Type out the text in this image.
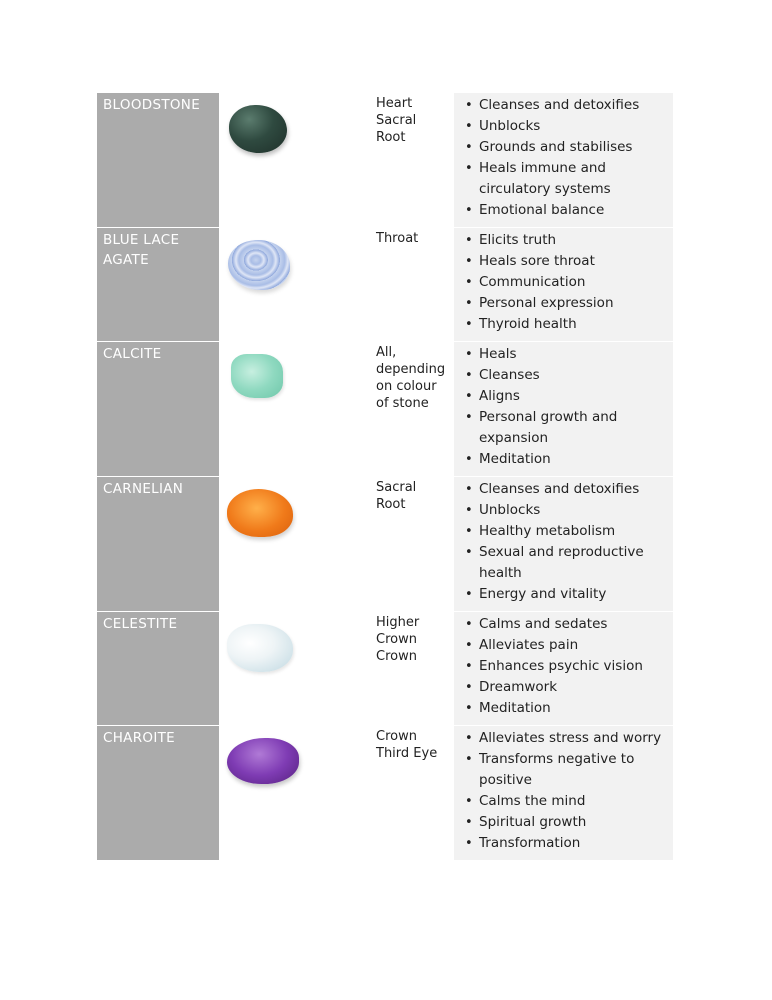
BLOODSTONE	Heart
Sacral
Root
• Cleanses and detoxifies
• Unblocks
• Grounds and stabilises
• Heals immune and circulatory systems
• Emotional balance
BLUE LACE AGATE
Throat
•	Elicits truth
• Heals sore throat
• Communication
• Personal expression
• Thyroid health
CALCITE	All,
depending
on colour
of stone
• Heals
• Cleanses
• Aligns
• Personal growth and expansion
• Meditation
CARNELIAN	Sacral
Root
• Cleanses and detoxifies
• Unblocks
• Healthy metabolism
• Sexual and reproductive health
• Energy and vitality
CELESTITE	Higher
Crown
Crown
• Calms and sedates
• Alleviates pain
• Enhances psychic vision
• Dreamwork
• Meditation
CHAROITE	Crown
Third Eye
• Alleviates stress and worry
• Transforms negative to positive
• Calms the mind
• Spiritual growth
• Transformation
